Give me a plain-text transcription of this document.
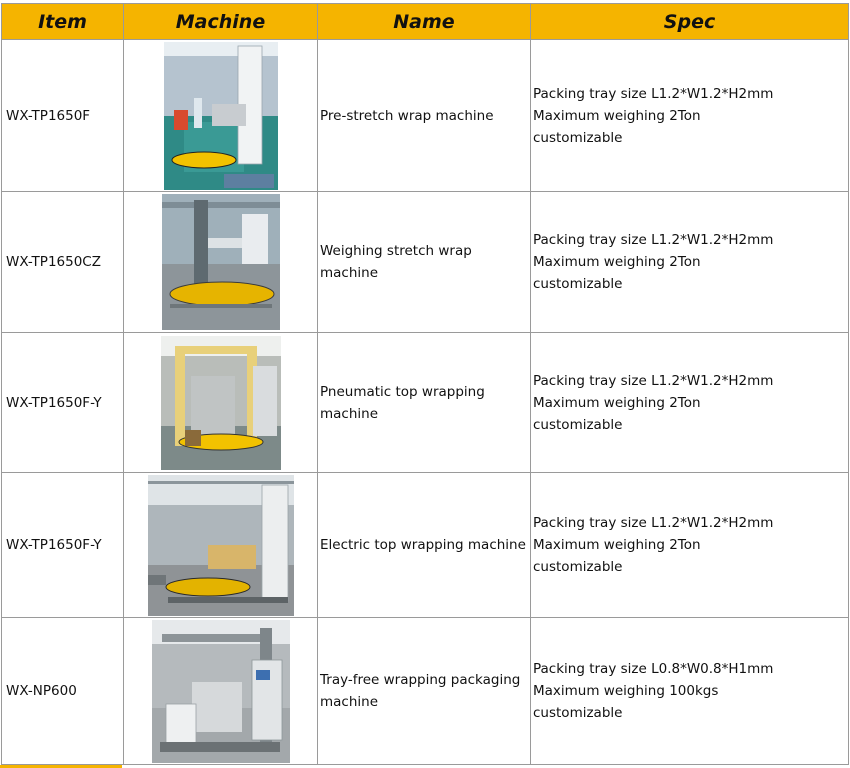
Item	Machine	Name	Spec
WX-TP1650F		Pre-stretch wrap machine	Packing tray size L1.2*W1.2*H2mm
Maximum weighing 2Ton
customizable

WX-TP1650CZ		Weighing stretch wrap machine	Packing tray size L1.2*W1.2*H2mm
Maximum weighing 2Ton
customizable

WX-TP1650F-Y		Pneumatic top wrapping machine	Packing tray size L1.2*W1.2*H2mm
Maximum weighing 2Ton
customizable

WX-TP1650F-Y		Electric top wrapping machine	Packing tray size L1.2*W1.2*H2mm
Maximum weighing 2Ton
customizable

WX-NP600		Tray-free wrapping packaging machine	Packing tray size L0.8*W0.8*H1mm
Maximum weighing 100kgs
customizable
